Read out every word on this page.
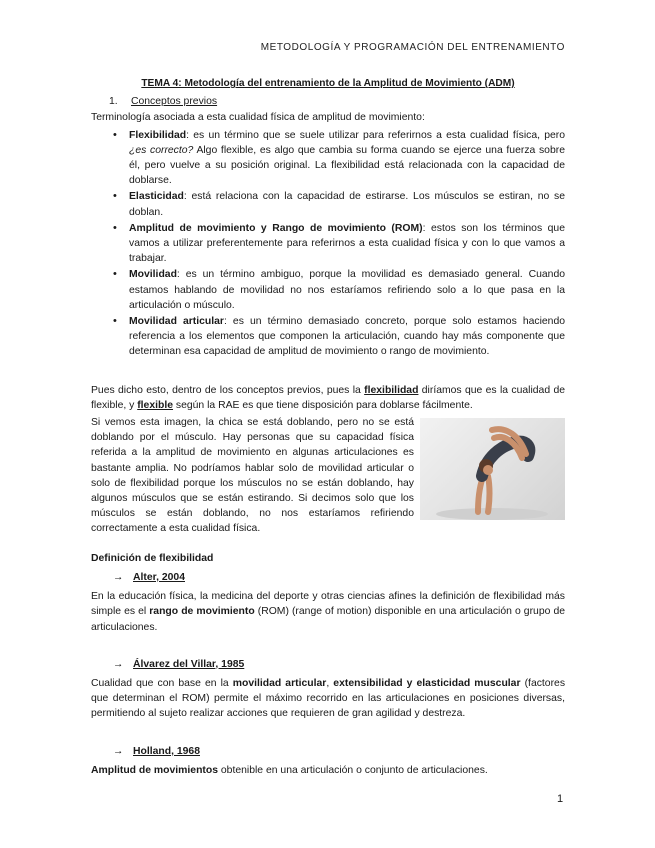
METODOLOGÍA Y PROGRAMACIÓN DEL ENTRENAMIENTO
TEMA 4: Metodología del entrenamiento de la Amplitud de Movimiento (ADM)
1. Conceptos previos

Terminología asociada a esta cualidad física de amplitud de movimiento:

• Flexibilidad: es un término que se suele utilizar para referirnos a esta cualidad física, pero ¿es correcto? Algo flexible, es algo que cambia su forma cuando se ejerce una fuerza sobre él, pero vuelve a su posición original. La flexibilidad está relacionada con la capacidad de doblarse.
• Elasticidad: está relaciona con la capacidad de estirarse. Los músculos se estiran, no se doblan.
• Amplitud de movimiento y Rango de movimiento (ROM): estos son los términos que vamos a utilizar preferentemente para referirnos a esta cualidad física y con lo que vamos a trabajar.
• Movilidad: es un término ambiguo, porque la movilidad es demasiado general. Cuando estamos hablando de movilidad no nos estaríamos refiriendo solo a lo que pasa en la articulación o músculo.
• Movilidad articular: es un término demasiado concreto, porque solo estamos haciendo referencia a los elementos que componen la articulación, cuando hay más componente que determinan esa capacidad de amplitud de movimiento o rango de movimiento.

Pues dicho esto, dentro de los conceptos previos, pues la flexibilidad diríamos que es la cualidad de flexible, y flexible según la RAE es que tiene disposición para doblarse fácilmente.

Si vemos esta imagen, la chica se está doblando, pero no se está doblando por el músculo. Hay personas que su capacidad física referida a la amplitud de movimiento en algunas articulaciones es bastante amplia. No podríamos hablar solo de movilidad articular o solo de flexibilidad porque los músculos no se están doblando, hay algunos músculos que se están estirando. Si decimos solo que los músculos se están doblando, no nos estaríamos refiriendo correctamente a esta cualidad física.

Definición de flexibilidad
→ Alter, 2004

En la educación física, la medicina del deporte y otras ciencias afines la definición de flexibilidad más simple es el rango de movimiento (ROM) (range of motion) disponible en una articulación o grupo de articulaciones.

→ Álvarez del Villar, 1985

Cualidad que con base en la movilidad articular, extensibilidad y elasticidad muscular (factores que determinan el ROM) permite el máximo recorrido en las articulaciones en posiciones diversas, permitiendo al sujeto realizar acciones que requieren de gran agilidad y destreza.

→ Holland, 1968

Amplitud de movimientos obtenible en una articulación o conjunto de articulaciones.

1
